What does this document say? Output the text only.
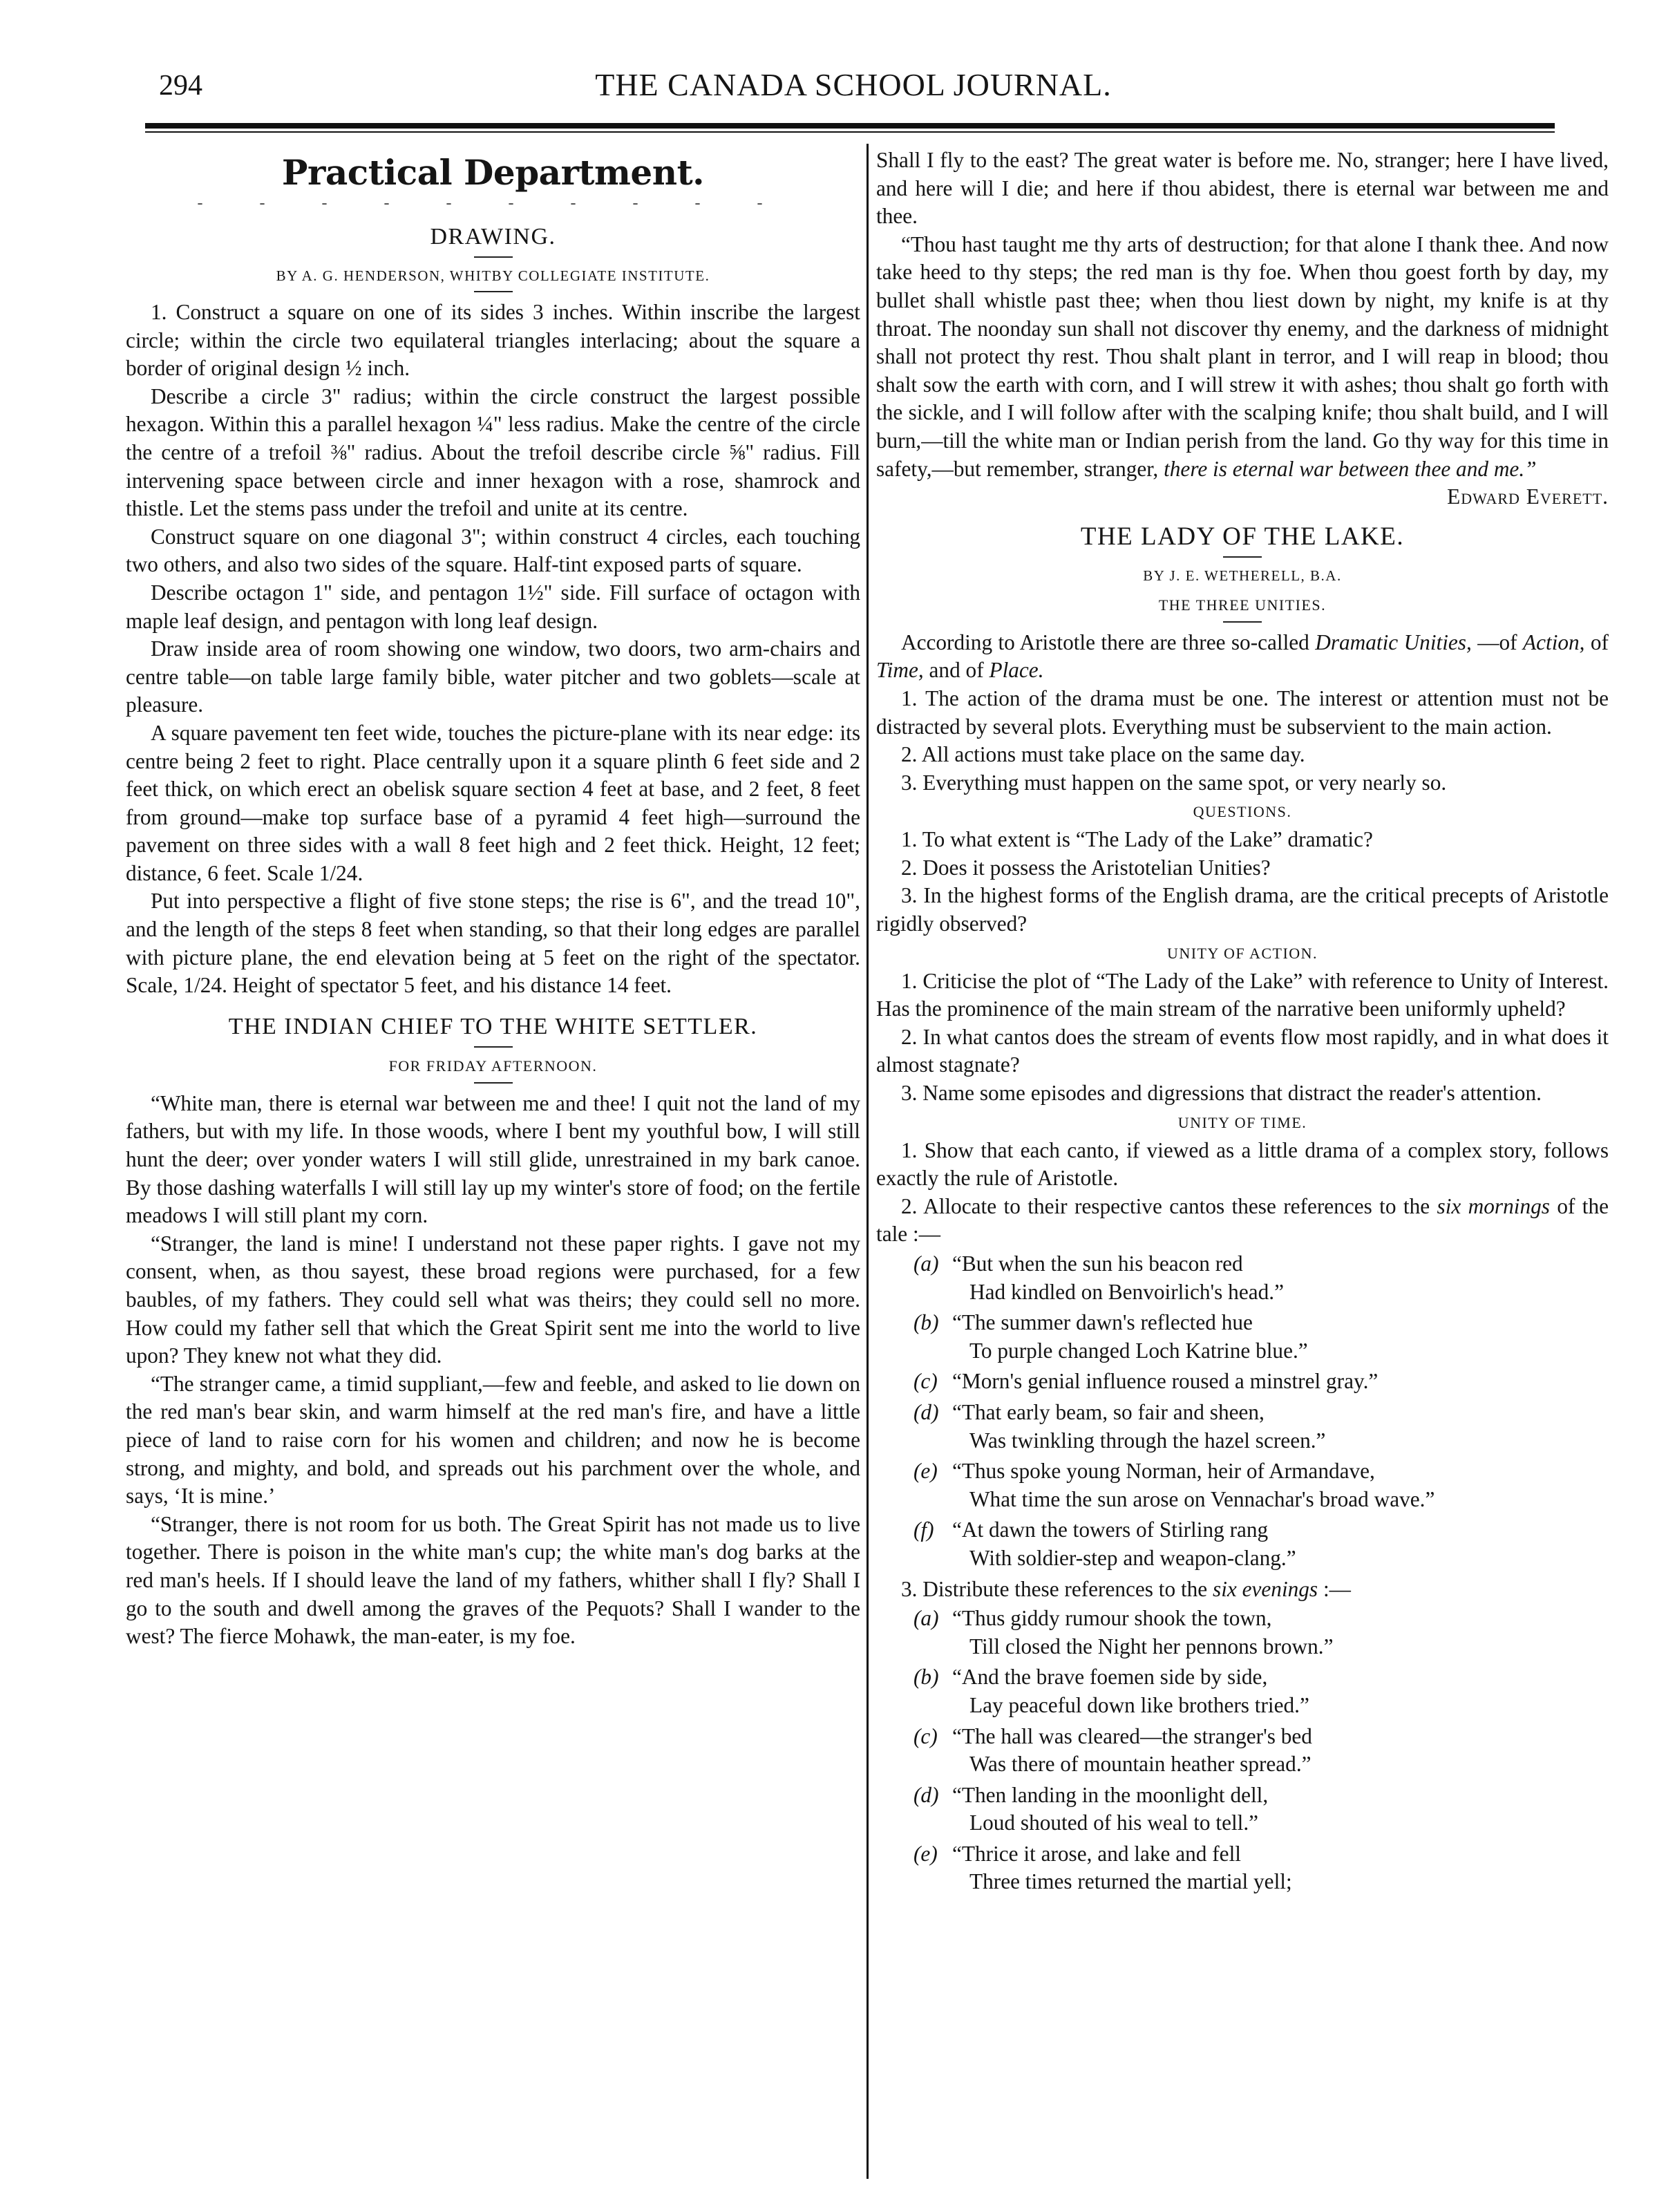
294	THE CANADA SCHOOL JOURNAL.
Practical Department.
- - - - - - - - - -
DRAWING.
BY A. G. HENDERSON, WHITBY COLLEGIATE INSTITUTE.

1. Construct a square on one of its sides 3 inches. Within inscribe the largest circle; within the circle two equilateral triangles interlacing; about the square a border of original design ½ inch.

Describe a circle 3" radius; within the circle construct the largest possible hexagon. Within this a parallel hexagon ¼" less radius. Make the centre of the circle the centre of a trefoil ⅜" radius. About the trefoil describe circle ⅝" radius. Fill intervening space between circle and inner hexagon with a rose, shamrock and thistle. Let the stems pass under the trefoil and unite at its centre.

Construct square on one diagonal 3"; within construct 4 circles, each touching two others, and also two sides of the square. Half-tint exposed parts of square.

Describe octagon 1" side, and pentagon 1½" side. Fill surface of octagon with maple leaf design, and pentagon with long leaf design.

Draw inside area of room showing one window, two doors, two arm-chairs and centre table—on table large family bible, water pitcher and two goblets—scale at pleasure.

A square pavement ten feet wide, touches the picture-plane with its near edge: its centre being 2 feet to right. Place centrally upon it a square plinth 6 feet side and 2 feet thick, on which erect an obelisk square section 4 feet at base, and 2 feet, 8 feet from ground—make top surface base of a pyramid 4 feet high—surround the pavement on three sides with a wall 8 feet high and 2 feet thick. Height, 12 feet; distance, 6 feet. Scale 1/24.

Put into perspective a flight of five stone steps; the rise is 6", and the tread 10", and the length of the steps 8 feet when standing, so that their long edges are parallel with picture plane, the end elevation being at 5 feet on the right of the spectator. Scale, 1/24. Height of spectator 5 feet, and his distance 14 feet.

THE INDIAN CHIEF TO THE WHITE SETTLER.
FOR FRIDAY AFTERNOON.

“White man, there is eternal war between me and thee! I quit not the land of my fathers, but with my life. In those woods, where I bent my youthful bow, I will still hunt the deer; over yonder waters I will still glide, unrestrained in my bark canoe. By those dashing waterfalls I will still lay up my winter's store of food; on the fertile meadows I will still plant my corn.

“Stranger, the land is mine! I understand not these paper rights. I gave not my consent, when, as thou sayest, these broad regions were purchased, for a few baubles, of my fathers. They could sell what was theirs; they could sell no more. How could my father sell that which the Great Spirit sent me into the world to live upon? They knew not what they did.

“The stranger came, a timid suppliant,—few and feeble, and asked to lie down on the red man's bear skin, and warm himself at the red man's fire, and have a little piece of land to raise corn for his women and children; and now he is become strong, and mighty, and bold, and spreads out his parchment over the whole, and says, ‘It is mine.’

“Stranger, there is not room for us both. The Great Spirit has not made us to live together. There is poison in the white man's cup; the white man's dog barks at the red man's heels. If I should leave the land of my fathers, whither shall I fly? Shall I go to the south and dwell among the graves of the Pequots? Shall I wander to the west? The fierce Mohawk, the man-eater, is my foe.

Shall I fly to the east? The great water is before me. No, stranger; here I have lived, and here will I die; and here if thou abidest, there is eternal war between me and thee.

“Thou hast taught me thy arts of destruction; for that alone I thank thee. And now take heed to thy steps; the red man is thy foe. When thou goest forth by day, my bullet shall whistle past thee; when thou liest down by night, my knife is at thy throat. The noonday sun shall not discover thy enemy, and the darkness of midnight shall not protect thy rest. Thou shalt plant in terror, and I will reap in blood; thou shalt sow the earth with corn, and I will strew it with ashes; thou shalt go forth with the sickle, and I will follow after with the scalping knife; thou shalt build, and I will burn,—till the white man or Indian perish from the land. Go thy way for this time in safety,—but remember, stranger, there is eternal war between thee and me.”
Edward Everett.

THE LADY OF THE LAKE.
BY J. E. WETHERELL, B.A.
THE THREE UNITIES.

According to Aristotle there are three so-called Dramatic Unities, —of Action, of Time, and of Place.

1. The action of the drama must be one. The interest or attention must not be distracted by several plots. Everything must be subservient to the main action.

2. All actions must take place on the same day.

3. Everything must happen on the same spot, or very nearly so.

QUESTIONS.

1. To what extent is “The Lady of the Lake” dramatic?

2. Does it possess the Aristotelian Unities?

3. In the highest forms of the English drama, are the critical precepts of Aristotle rigidly observed?

UNITY OF ACTION.

1. Criticise the plot of “The Lady of the Lake” with reference to Unity of Interest. Has the prominence of the main stream of the narrative been uniformly upheld?

2. In what cantos does the stream of events flow most rapidly, and in what does it almost stagnate?

3. Name some episodes and digressions that distract the reader's attention.

UNITY OF TIME.

1. Show that each canto, if viewed as a little drama of a complex story, follows exactly the rule of Aristotle.

2. Allocate to their respective cantos these references to the six mornings of the tale :—

(a) “But when the sun his beacon red
Had kindled on Benvoirlich's head.”
(b) “The summer dawn's reflected hue
To purple changed Loch Katrine blue.”
(c) “Morn's genial influence roused a minstrel gray.”
(d) “That early beam, so fair and sheen,
Was twinkling through the hazel screen.”
(e) “Thus spoke young Norman, heir of Armandave,
What time the sun arose on Vennachar's broad wave.”
(f) “At dawn the towers of Stirling rang
With soldier-step and weapon-clang.”

3. Distribute these references to the six evenings :—

(a) “Thus giddy rumour shook the town,
Till closed the Night her pennons brown.”
(b) “And the brave foemen side by side,
Lay peaceful down like brothers tried.”
(c) “The hall was cleared—the stranger's bed
Was there of mountain heather spread.”
(d) “Then landing in the moonlight dell,
Loud shouted of his weal to tell.”
(e) “Thrice it arose, and lake and fell
Three times returned the martial yell;
